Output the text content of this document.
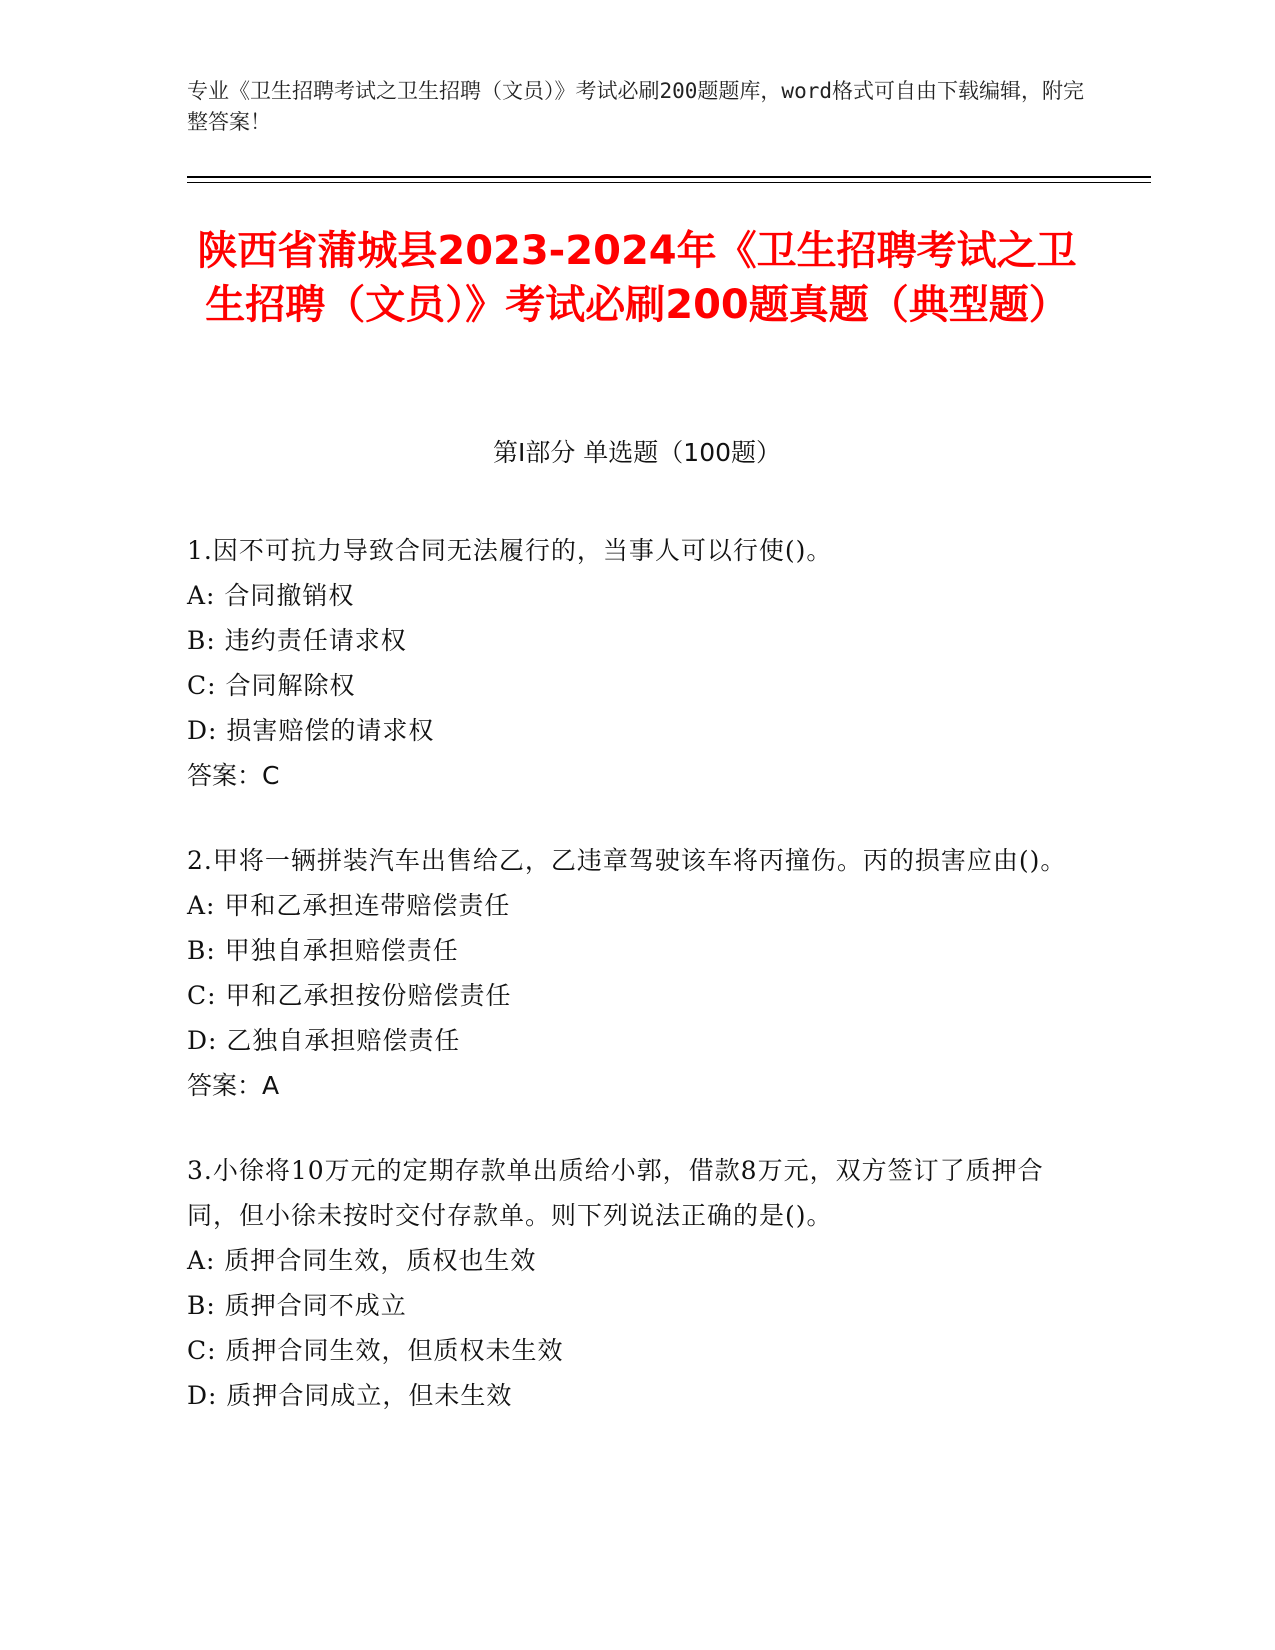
专业《卫生招聘考试之卫生招聘（文员）》考试必刷200题题库，word格式可自由下载编辑，附完整答案！
陕西省蒲城县2023-2024年《卫生招聘考试之卫生招聘（文员）》考试必刷200题真题（典型题）
第Ⅰ部分 单选题（100题）
1.因不可抗力导致合同无法履行的，当事人可以行使()。
A: 合同撤销权
B: 违约责任请求权
C: 合同解除权
D: 损害赔偿的请求权
答案：C
2.甲将一辆拼装汽车出售给乙，乙违章驾驶该车将丙撞伤。丙的损害应由()。
A: 甲和乙承担连带赔偿责任
B: 甲独自承担赔偿责任
C: 甲和乙承担按份赔偿责任
D: 乙独自承担赔偿责任
答案：A
3.小徐将10万元的定期存款单出质给小郭，借款8万元，双方签订了质押合同，但小徐未按时交付存款单。则下列说法正确的是()。
A: 质押合同生效，质权也生效
B: 质押合同不成立
C: 质押合同生效，但质权未生效
D: 质押合同成立，但未生效
